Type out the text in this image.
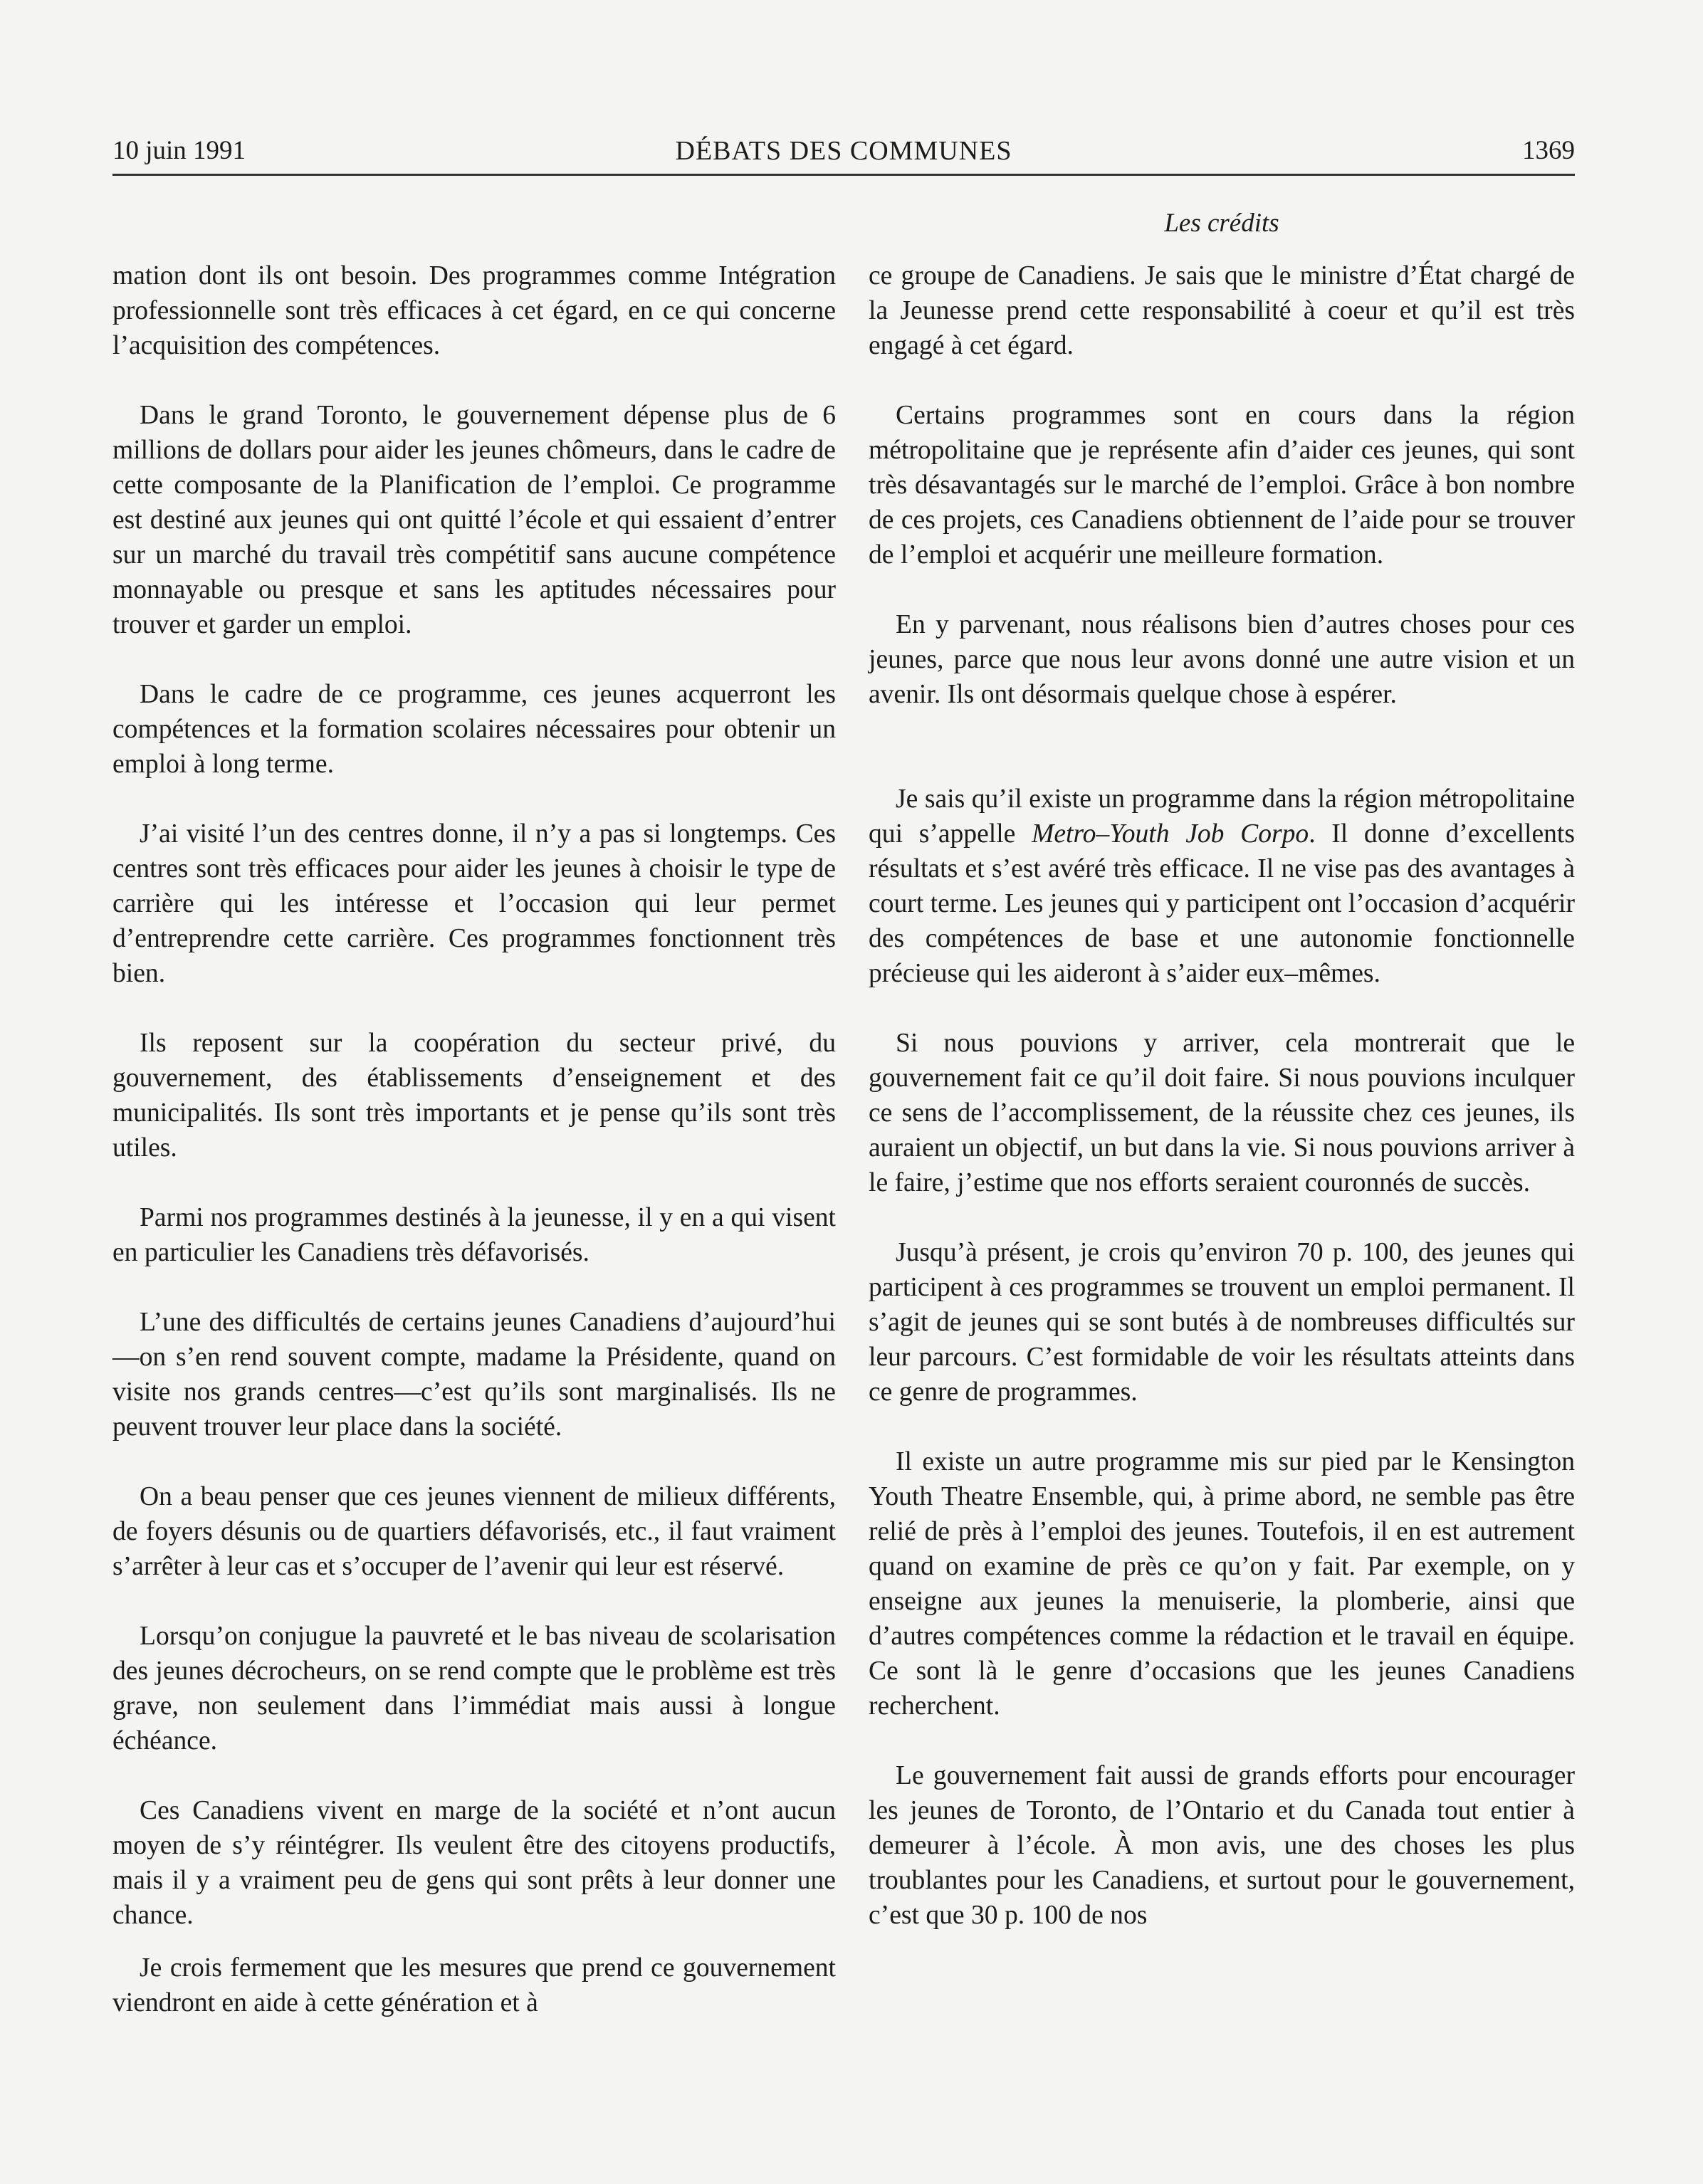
10 juin 1991	DÉBATS DES COMMUNES	1369
Les crédits

mation dont ils ont besoin. Des programmes comme Intégration professionnelle sont très efficaces à cet égard, en ce qui concerne l’acquisition des compétences.

Dans le grand Toronto, le gouvernement dépense plus de 6 millions de dollars pour aider les jeunes chômeurs, dans le cadre de cette composante de la Planification de l’emploi. Ce programme est destiné aux jeunes qui ont quitté l’école et qui essaient d’entrer sur un marché du travail très compétitif sans aucune compétence monnayable ou presque et sans les aptitudes nécessaires pour trouver et garder un emploi.

Dans le cadre de ce programme, ces jeunes acquerront les compétences et la formation scolaires nécessaires pour obtenir un emploi à long terme.

J’ai visité l’un des centres donne, il n’y a pas si longtemps. Ces centres sont très efficaces pour aider les jeunes à choisir le type de carrière qui les intéresse et l’occasion qui leur permet d’entreprendre cette carrière. Ces programmes fonctionnent très bien.

Ils reposent sur la coopération du secteur privé, du gouvernement, des établissements d’enseignement et des municipalités. Ils sont très importants et je pense qu’ils sont très utiles.

Parmi nos programmes destinés à la jeunesse, il y en a qui visent en particulier les Canadiens très défavorisés.

L’une des difficultés de certains jeunes Canadiens d’aujourd’hui—on s’en rend souvent compte, madame la Présidente, quand on visite nos grands centres—c’est qu’ils sont marginalisés. Ils ne peuvent trouver leur place dans la société.

On a beau penser que ces jeunes viennent de milieux différents, de foyers désunis ou de quartiers défavorisés, etc., il faut vraiment s’arrêter à leur cas et s’occuper de l’avenir qui leur est réservé.

Lorsqu’on conjugue la pauvreté et le bas niveau de scolarisation des jeunes décrocheurs, on se rend compte que le problème est très grave, non seulement dans l’immédiat mais aussi à longue échéance.

Ces Canadiens vivent en marge de la société et n’ont aucun moyen de s’y réintégrer. Ils veulent être des citoyens productifs, mais il y a vraiment peu de gens qui sont prêts à leur donner une chance.

Je crois fermement que les mesures que prend ce gouvernement viendront en aide à cette génération et à

ce groupe de Canadiens. Je sais que le ministre d’État chargé de la Jeunesse prend cette responsabilité à coeur et qu’il est très engagé à cet égard.

Certains programmes sont en cours dans la région métropolitaine que je représente afin d’aider ces jeunes, qui sont très désavantagés sur le marché de l’emploi. Grâce à bon nombre de ces projets, ces Canadiens obtiennent de l’aide pour se trouver de l’emploi et acquérir une meilleure formation.

En y parvenant, nous réalisons bien d’autres choses pour ces jeunes, parce que nous leur avons donné une autre vision et un avenir. Ils ont désormais quelque chose à espérer.

Je sais qu’il existe un programme dans la région métropolitaine qui s’appelle Metro–Youth Job Corpo. Il donne d’excellents résultats et s’est avéré très efficace. Il ne vise pas des avantages à court terme. Les jeunes qui y participent ont l’occasion d’acquérir des compétences de base et une autonomie fonctionnelle précieuse qui les aideront à s’aider eux–mêmes.

Si nous pouvions y arriver, cela montrerait que le gouvernement fait ce qu’il doit faire. Si nous pouvions inculquer ce sens de l’accomplissement, de la réussite chez ces jeunes, ils auraient un objectif, un but dans la vie. Si nous pouvions arriver à le faire, j’estime que nos efforts seraient couronnés de succès.

Jusqu’à présent, je crois qu’environ 70 p. 100, des jeunes qui participent à ces programmes se trouvent un emploi permanent. Il s’agit de jeunes qui se sont butés à de nombreuses difficultés sur leur parcours. C’est formidable de voir les résultats atteints dans ce genre de programmes.

Il existe un autre programme mis sur pied par le Kensington Youth Theatre Ensemble, qui, à prime abord, ne semble pas être relié de près à l’emploi des jeunes. Toutefois, il en est autrement quand on examine de près ce qu’on y fait. Par exemple, on y enseigne aux jeunes la menuiserie, la plomberie, ainsi que d’autres compétences comme la rédaction et le travail en équipe. Ce sont là le genre d’occasions que les jeunes Canadiens recherchent.

Le gouvernement fait aussi de grands efforts pour encourager les jeunes de Toronto, de l’Ontario et du Canada tout entier à demeurer à l’école. À mon avis, une des choses les plus troublantes pour les Canadiens, et surtout pour le gouvernement, c’est que 30 p. 100 de nos
